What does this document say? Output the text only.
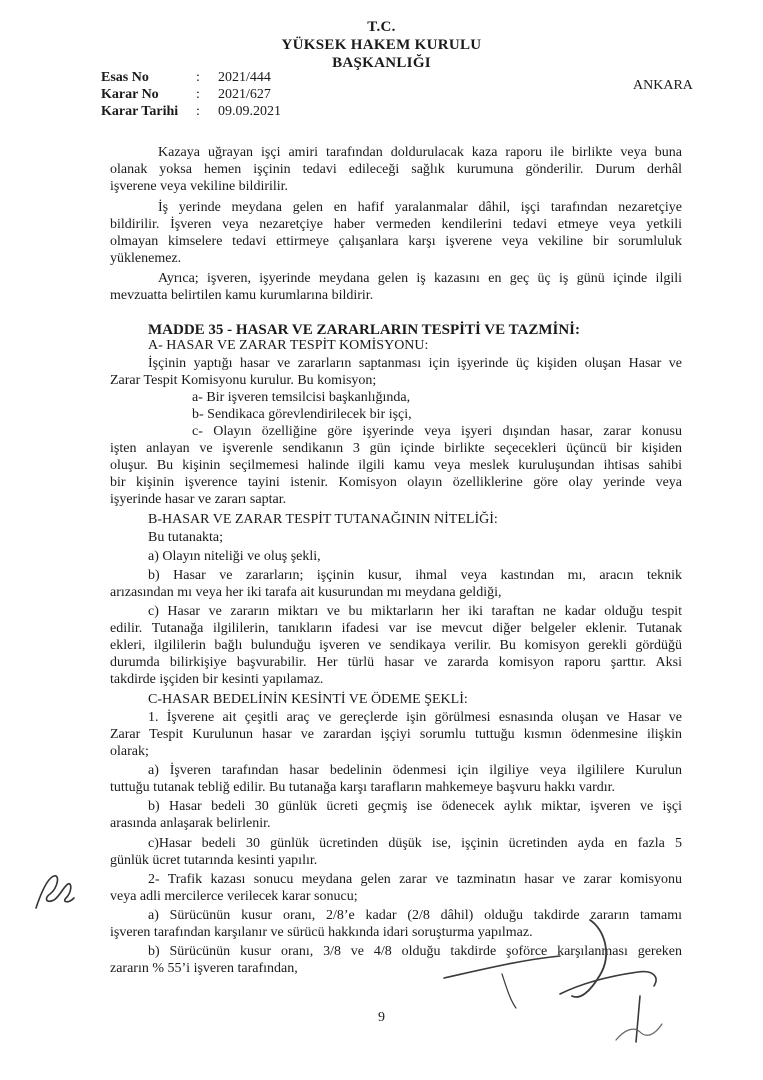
T.C.
YÜKSEK HAKEM KURULU
BAŞKANLIĞI
Esas No	: 2021/444
Karar No	: 2021/627
Karar Tarihi : 09.09.2021
ANKARA
Kazaya uğrayan işçi amiri tarafından doldurulacak kaza raporu ile birlikte veya buna
olanak yoksa hemen işçinin tedavi edileceği sağlık kurumuna gönderilir. Durum derhâl
işverene veya vekiline bildirilir.
İş yerinde meydana gelen en hafif yaralanmalar dâhil, işçi tarafından nezaretçiye
bildirilir. İşveren veya nezaretçiye haber vermeden kendilerini tedavi etmeye veya yetkili
olmayan kimselere tedavi ettirmeye çalışanlara karşı işverene veya vekiline bir sorumluluk
yüklenemez.
Ayrıca; işveren, işyerinde meydana gelen iş kazasını en geç üç iş günü içinde ilgili
mevzuatta belirtilen kamu kurumlarına bildirir.
MADDE 35 - HASAR VE ZARARLARIN TESPİTİ VE TAZMİNİ:
A- HASAR VE ZARAR TESPİT KOMİSYONU:
İşçinin yaptığı hasar ve zararların saptanması için işyerinde üç kişiden oluşan Hasar ve
Zarar Tespit Komisyonu kurulur. Bu komisyon;
a- Bir işveren temsilcisi başkanlığında,
b- Sendikaca görevlendirilecek bir işçi,
c- Olayın özelliğine göre işyerinde veya işyeri dışından hasar, zarar konusu
işten anlayan ve işverenle sendikanın 3 gün içinde birlikte seçecekleri üçüncü bir kişiden
oluşur. Bu kişinin seçilmemesi halinde ilgili kamu veya meslek kuruluşundan ihtisas sahibi
bir kişinin işverence tayini istenir. Komisyon olayın özelliklerine göre olay yerinde veya
işyerinde hasar ve zararı saptar.
B-HASAR VE ZARAR TESPİT TUTANAĞININ NİTELİĞİ:
Bu tutanakta;
a) Olayın niteliği ve oluş şekli,
b) Hasar ve zararların; işçinin kusur, ihmal veya kastından mı, aracın teknik
arızasından mı veya her iki tarafa ait kusurundan mı meydana geldiği,
c) Hasar ve zararın miktarı ve bu miktarların her iki taraftan ne kadar olduğu tespit
edilir. Tutanağa ilgililerin, tanıkların ifadesi var ise mevcut diğer belgeler eklenir. Tutanak
ekleri, ilgililerin bağlı bulunduğu işveren ve sendikaya verilir. Bu komisyon gerekli gördüğü
durumda bilirkişiye başvurabilir. Her türlü hasar ve zararda komisyon raporu şarttır. Aksi
takdirde işçiden bir kesinti yapılamaz.
C-HASAR BEDELİNİN KESİNTİ VE ÖDEME ŞEKLİ:
1. İşverene ait çeşitli araç ve gereçlerde işin görülmesi esnasında oluşan ve Hasar ve
Zarar Tespit Kurulunun hasar ve zarardan işçiyi sorumlu tuttuğu kısmın ödenmesine ilişkin
olarak;
a) İşveren tarafından hasar bedelinin ödenmesi için ilgiliye veya ilgililere Kurulun
tuttuğu tutanak tebliğ edilir. Bu tutanağa karşı tarafların mahkemeye başvuru hakkı vardır.
b) Hasar bedeli 30 günlük ücreti geçmiş ise ödenecek aylık miktar, işveren ve işçi
arasında anlaşarak belirlenir.
c)Hasar bedeli 30 günlük ücretinden düşük ise, işçinin ücretinden ayda en fazla 5
günlük ücret tutarında kesinti yapılır.
2- Trafik kazası sonucu meydana gelen zarar ve tazminatın hasar ve zarar komisyonu
veya adli mercilerce verilecek karar sonucu;
a) Sürücünün kusur oranı, 2/8’e kadar (2/8 dâhil) olduğu takdirde zararın tamamı
işveren tarafından karşılanır ve sürücü hakkında idari soruşturma yapılmaz.
b) Sürücünün kusur oranı, 3/8 ve 4/8 olduğu takdirde şoförce karşılanması gereken
zararın % 55’i işveren tarafından,
9
